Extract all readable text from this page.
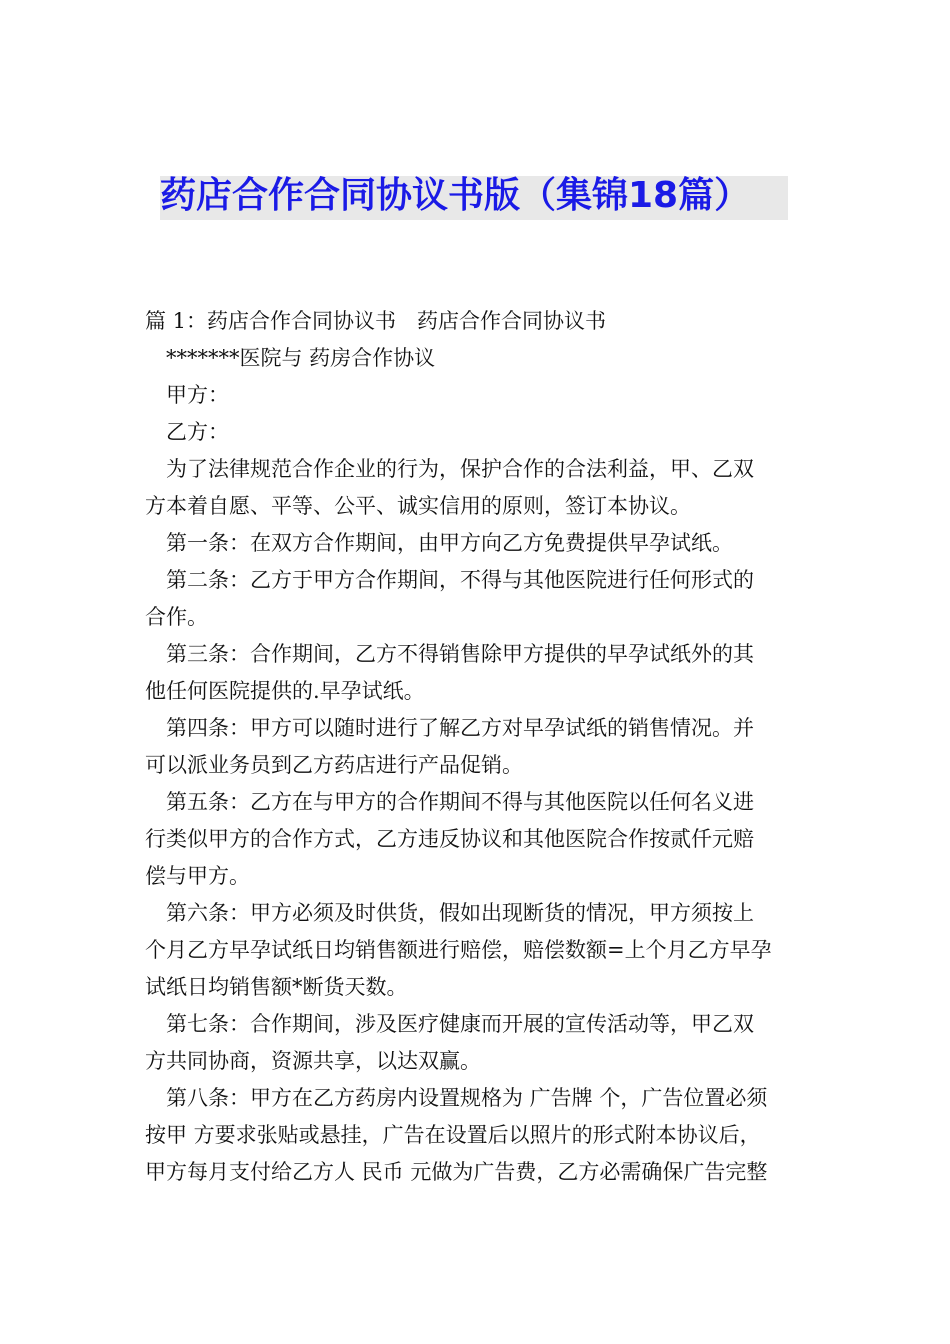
药店合作合同协议书版（集锦18篇）
篇 1：药店合作合同协议书　药店合作合同协议书
*******医院与 药房合作协议
甲方：
乙方：
为了法律规范合作企业的行为，保护合作的合法利益，甲、乙双
方本着自愿、平等、公平、诚实信用的原则，签订本协议。
第一条：在双方合作期间，由甲方向乙方免费提供早孕试纸。
第二条：乙方于甲方合作期间，不得与其他医院进行任何形式的
合作。
第三条：合作期间，乙方不得销售除甲方提供的早孕试纸外的其
他任何医院提供的.早孕试纸。
第四条：甲方可以随时进行了解乙方对早孕试纸的销售情况。并
可以派业务员到乙方药店进行产品促销。
第五条：乙方在与甲方的合作期间不得与其他医院以任何名义进
行类似甲方的合作方式，乙方违反协议和其他医院合作按贰仟元赔
偿与甲方。
第六条：甲方必须及时供货，假如出现断货的情况，甲方须按上
个月乙方早孕试纸日均销售额进行赔偿，赔偿数额=上个月乙方早孕
试纸日均销售额*断货天数。
第七条：合作期间，涉及医疗健康而开展的宣传活动等，甲乙双
方共同协商，资源共享，以达双赢。
第八条：甲方在乙方药房内设置规格为 广告牌 个，广告位置必须
按甲 方要求张贴或悬挂，广告在设置后以照片的形式附本协议后，
甲方每月支付给乙方人 民币 元做为广告费，乙方必需确保广告完整
